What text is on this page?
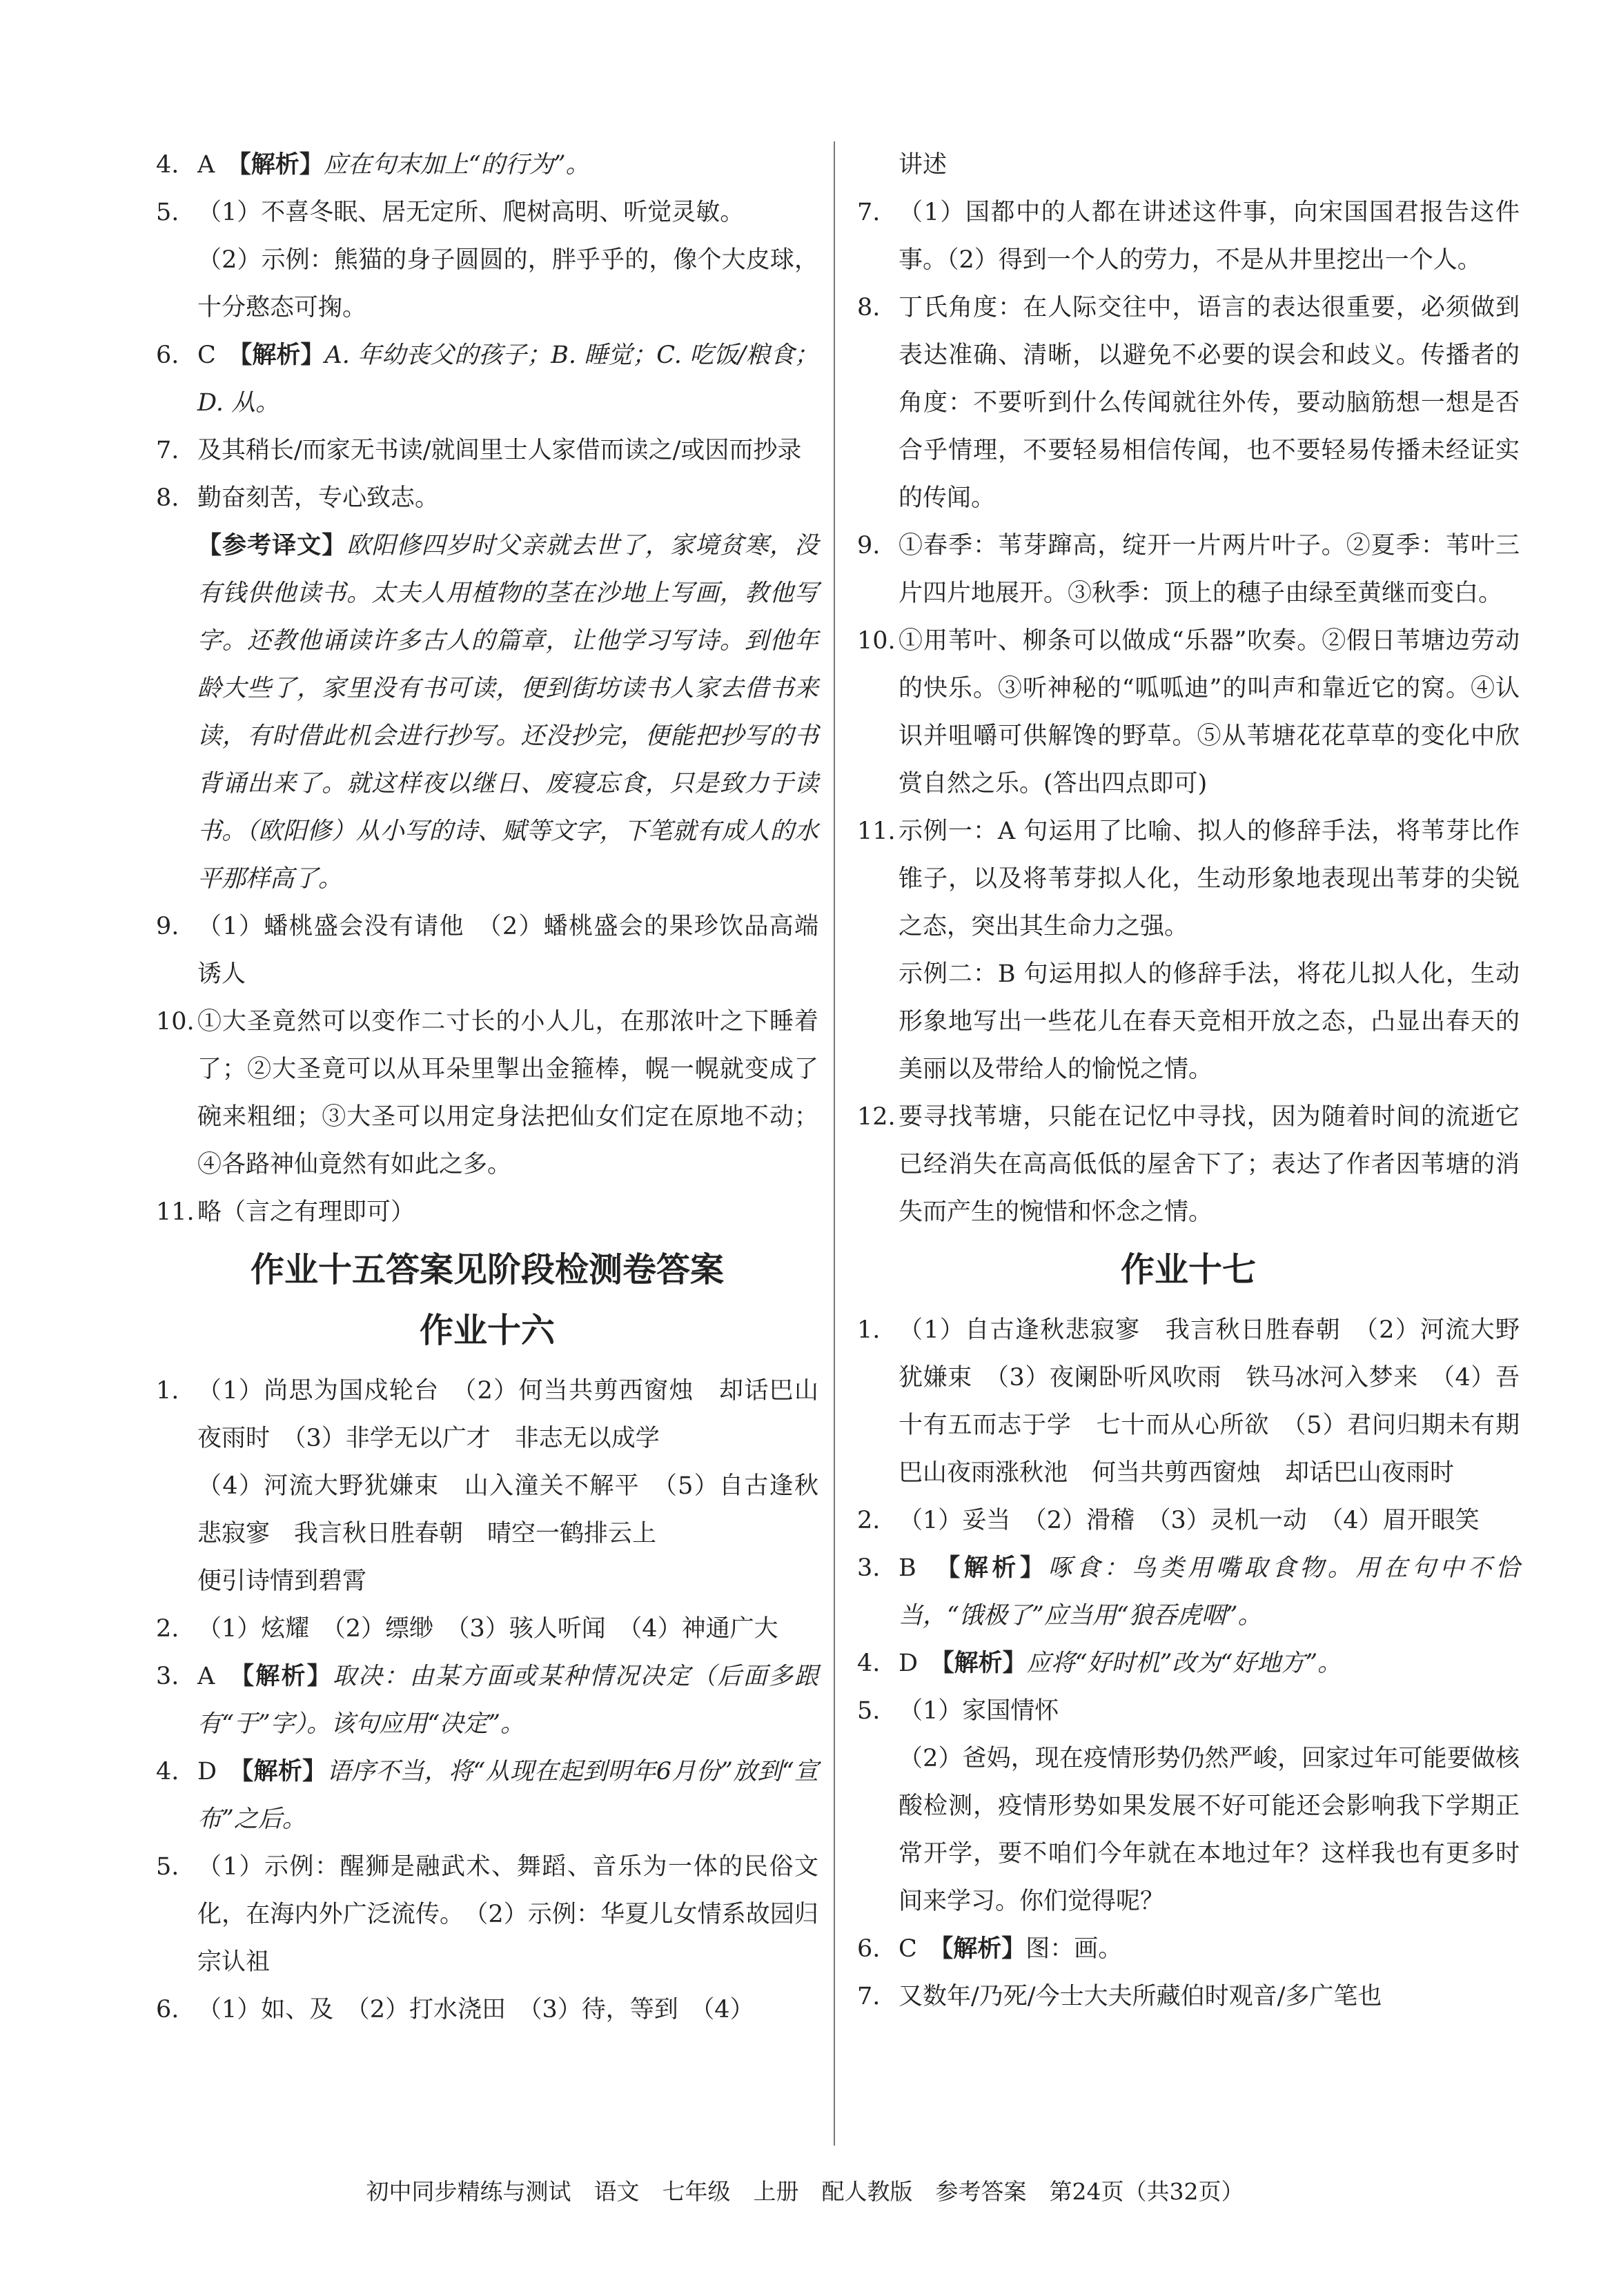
4. A　【解析】应在句末加上“的行为”。

5. （1）不喜冬眠、居无定所、爬树高明、听觉灵敏。

（2）示例：熊猫的身子圆圆的，胖乎乎的，像个大皮球，十分憨态可掬。

6. C　【解析】A. 年幼丧父的孩子；B. 睡觉；C. 吃饭/粮食；D. 从。

7. 及其稍长/而家无书读/就闾里士人家借而读之/或因而抄录

8. 勤奋刻苦，专心致志。

【参考译文】欧阳修四岁时父亲就去世了，家境贫寒，没有钱供他读书。太夫人用植物的茎在沙地上写画，教他写字。还教他诵读许多古人的篇章，让他学习写诗。到他年龄大些了，家里没有书可读，便到街坊读书人家去借书来读，有时借此机会进行抄写。还没抄完，便能把抄写的书背诵出来了。就这样夜以继日、废寝忘食，只是致力于读书。（欧阳修）从小写的诗、赋等文字，下笔就有成人的水平那样高了。

9. （1）蟠桃盛会没有请他　（2）蟠桃盛会的果珍饮品高端诱人

10. ①大圣竟然可以变作二寸长的小人儿，在那浓叶之下睡着了；②大圣竟可以从耳朵里掣出金箍棒，幌一幌就变成了碗来粗细；③大圣可以用定身法把仙女们定在原地不动；④各路神仙竟然有如此之多。

11. 略（言之有理即可）

作业十五答案见阶段检测卷答案
作业十六

1. （1）尚思为国戍轮台　（2）何当共剪西窗烛　却话巴山夜雨时　（3）非学无以广才　非志无以成学

（4）河流大野犹嫌束　山入潼关不解平　（5）自古逢秋悲寂寥　我言秋日胜春朝　晴空一鹤排云上

便引诗情到碧霄

2. （1）炫耀　（2）缥缈　（3）骇人听闻　（4）神通广大

3. A　【解析】取决：由某方面或某种情况决定（后面多跟有“于”字）。该句应用“决定”。

4. D　【解析】语序不当，将“从现在起到明年6月份”放到“宣布”之后。

5. （1）示例：醒狮是融武术、舞蹈、音乐为一体的民俗文化，在海内外广泛流传。　（2）示例：华夏儿女情系故园归宗认祖

6. （1）如、及　（2）打水浇田　（3）待，等到　（4）

讲述

7. （1）国都中的人都在讲述这件事，向宋国国君报告这件事。（2）得到一个人的劳力，不是从井里挖出一个人。

8. 丁氏角度：在人际交往中，语言的表达很重要，必须做到表达准确、清晰，以避免不必要的误会和歧义。传播者的角度：不要听到什么传闻就往外传，要动脑筋想一想是否合乎情理，不要轻易相信传闻，也不要轻易传播未经证实的传闻。

9. ①春季：苇芽蹿高，绽开一片两片叶子。②夏季：苇叶三片四片地展开。③秋季：顶上的穗子由绿至黄继而变白。

10. ①用苇叶、柳条可以做成“乐器”吹奏。②假日苇塘边劳动的快乐。③听神秘的“呱呱迪”的叫声和靠近它的窝。④认识并咀嚼可供解馋的野草。⑤从苇塘花花草草的变化中欣赏自然之乐。(答出四点即可)

11. 示例一：A 句运用了比喻、拟人的修辞手法，将苇芽比作锥子，以及将苇芽拟人化，生动形象地表现出苇芽的尖锐之态，突出其生命力之强。

示例二：B 句运用拟人的修辞手法，将花儿拟人化，生动形象地写出一些花儿在春天竞相开放之态，凸显出春天的美丽以及带给人的愉悦之情。

12. 要寻找苇塘，只能在记忆中寻找，因为随着时间的流逝它已经消失在高高低低的屋舍下了；表达了作者因苇塘的消失而产生的惋惜和怀念之情。

作业十七

1. （1）自古逢秋悲寂寥　我言秋日胜春朝　（2）河流大野犹嫌束　（3）夜阑卧听风吹雨　铁马冰河入梦来　（4）吾十有五而志于学　七十而从心所欲　（5）君问归期未有期　巴山夜雨涨秋池　何当共剪西窗烛　却话巴山夜雨时

2. （1）妥当　（2）滑稽　（3）灵机一动　（4）眉开眼笑

3. B　【解析】啄食：鸟类用嘴取食物。用在句中不恰当，“饿极了”应当用“狼吞虎咽”。

4. D　【解析】应将“好时机”改为“好地方”。

5. （1）家国情怀

（2）爸妈，现在疫情形势仍然严峻，回家过年可能要做核酸检测，疫情形势如果发展不好可能还会影响我下学期正常开学，要不咱们今年就在本地过年？这样我也有更多时间来学习。你们觉得呢？

6. C　【解析】图：画。

7. 又数年/乃死/今士大夫所藏伯时观音/多广笔也

初中同步精练与测试　语文　七年级　上册　配人教版　参考答案　第24页（共32页）
